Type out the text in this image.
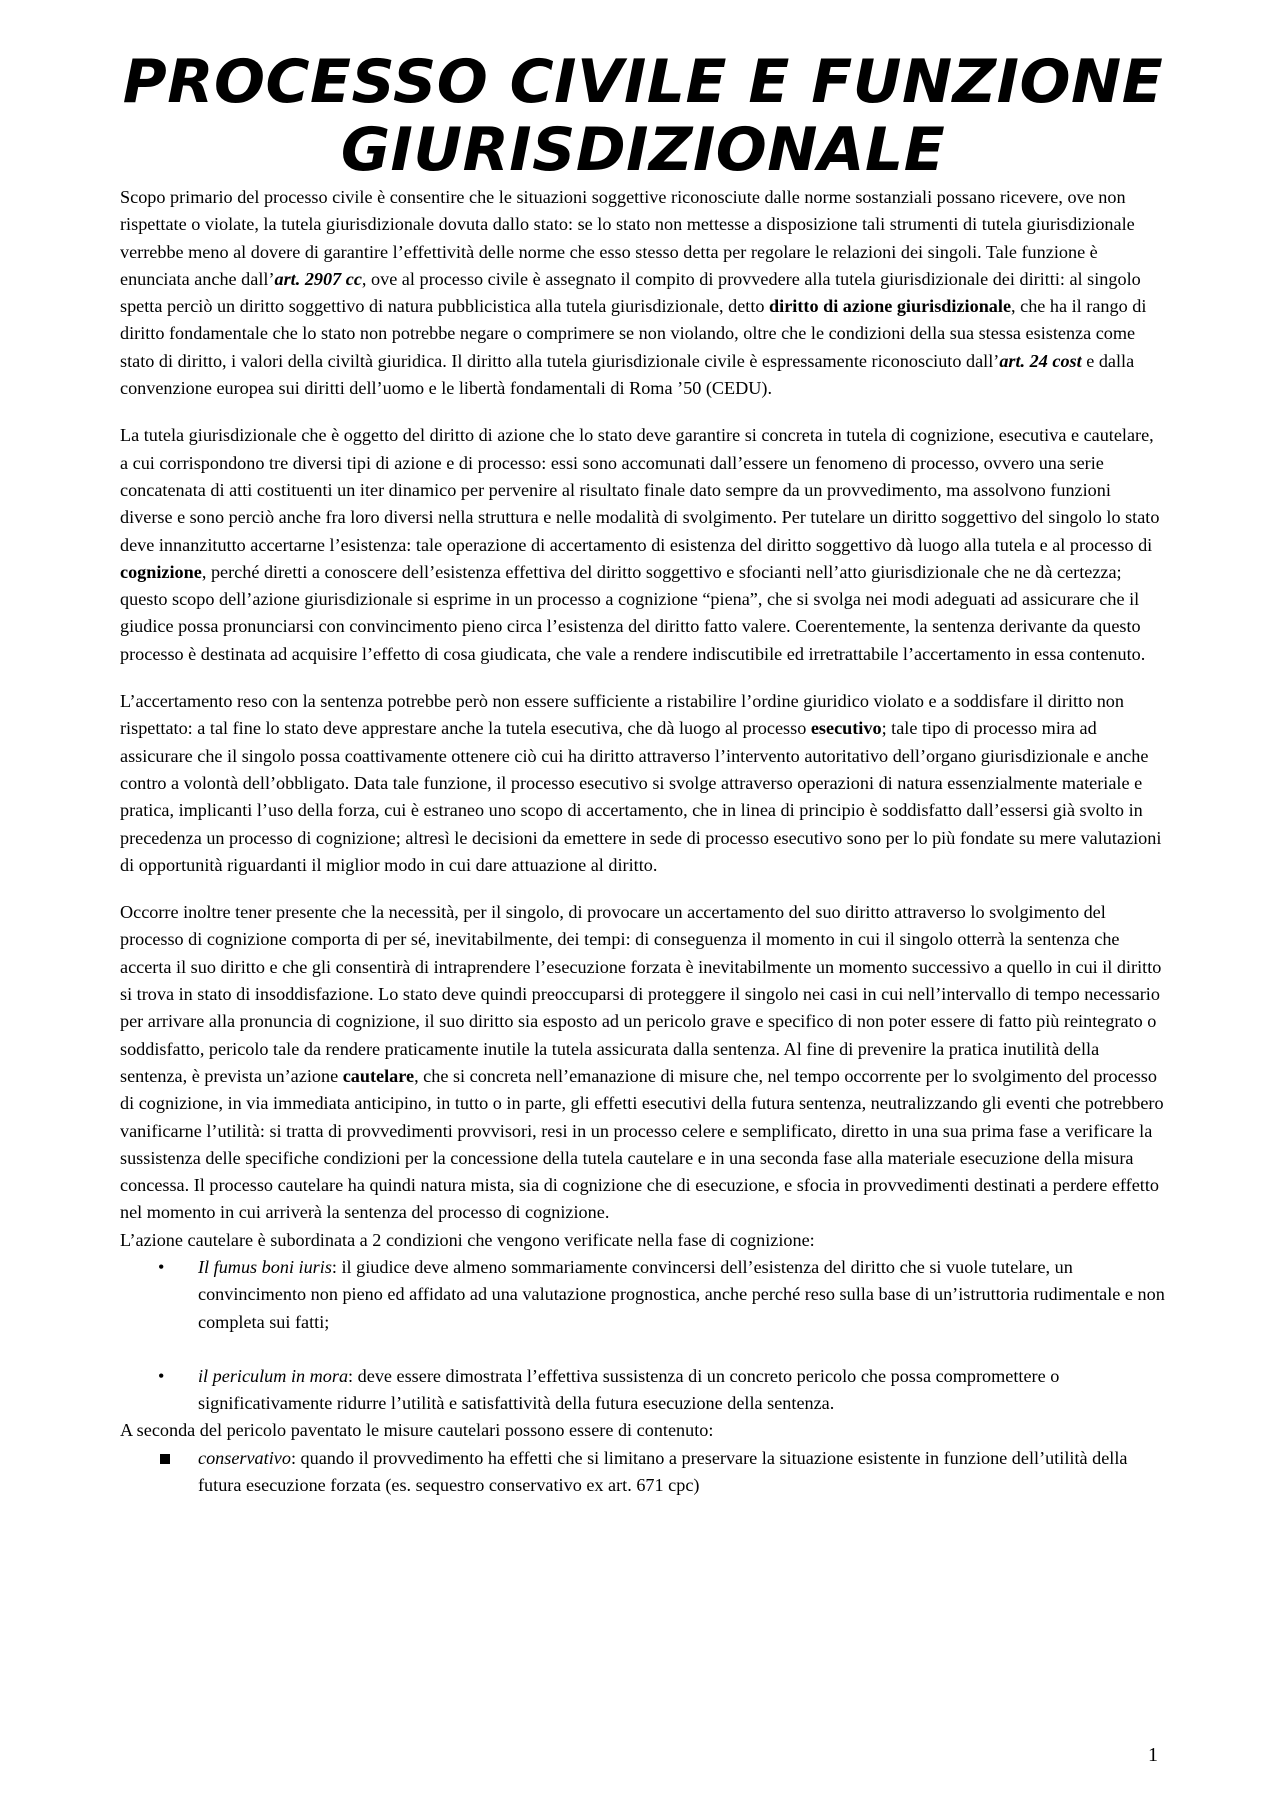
PROCESSO CIVILE E FUNZIONE GIURISDIZIONALE

Scopo primario del processo civile è consentire che le situazioni soggettive riconosciute dalle norme sostanziali possano ricevere, ove non rispettate o violate, la tutela giurisdizionale dovuta dallo stato: se lo stato non mettesse a disposizione tali strumenti di tutela giurisdizionale verrebbe meno al dovere di garantire l’effettività delle norme che esso stesso detta per regolare le relazioni dei singoli. Tale funzione è enunciata anche dall’art. 2907 cc, ove al processo civile è assegnato il compito di provvedere alla tutela giurisdizionale dei diritti: al singolo spetta perciò un diritto soggettivo di natura pubblicistica alla tutela giurisdizionale, detto diritto di azione giurisdizionale, che ha il rango di diritto fondamentale che lo stato non potrebbe negare o comprimere se non violando, oltre che le condizioni della sua stessa esistenza come stato di diritto, i valori della civiltà giuridica. Il diritto alla tutela giurisdizionale civile è espressamente riconosciuto dall’art. 24 cost e dalla convenzione europea sui diritti dell’uomo e le libertà fondamentali di Roma ’50 (CEDU).

La tutela giurisdizionale che è oggetto del diritto di azione che lo stato deve garantire si concreta in tutela di cognizione, esecutiva e cautelare, a cui corrispondono tre diversi tipi di azione e di processo: essi sono accomunati dall’essere un fenomeno di processo, ovvero una serie concatenata di atti costituenti un iter dinamico per pervenire al risultato finale dato sempre da un provvedimento, ma assolvono funzioni diverse e sono perciò anche fra loro diversi nella struttura e nelle modalità di svolgimento. Per tutelare un diritto soggettivo del singolo lo stato deve innanzitutto accertarne l’esistenza: tale operazione di accertamento di esistenza del diritto soggettivo dà luogo alla tutela e al processo di cognizione, perché diretti a conoscere dell’esistenza effettiva del diritto soggettivo e sfocianti nell’atto giurisdizionale che ne dà certezza; questo scopo dell’azione giurisdizionale si esprime in un processo a cognizione “piena”, che si svolga nei modi adeguati ad assicurare che il giudice possa pronunciarsi con convincimento pieno circa l’esistenza del diritto fatto valere. Coerentemente, la sentenza derivante da questo processo è destinata ad acquisire l’effetto di cosa giudicata, che vale a rendere indiscutibile ed irretrattabile l’accertamento in essa contenuto.

L’accertamento reso con la sentenza potrebbe però non essere sufficiente a ristabilire l’ordine giuridico violato e a soddisfare il diritto non rispettato: a tal fine lo stato deve apprestare anche la tutela esecutiva, che dà luogo al processo esecutivo; tale tipo di processo mira ad assicurare che il singolo possa coattivamente ottenere ciò cui ha diritto attraverso l’intervento autoritativo dell’organo giurisdizionale e anche contro a volontà dell’obbligato. Data tale funzione, il processo esecutivo si svolge attraverso operazioni di natura essenzialmente materiale e pratica, implicanti l’uso della forza, cui è estraneo uno scopo di accertamento, che in linea di principio è soddisfatto dall’essersi già svolto in precedenza un processo di cognizione; altresì le decisioni da emettere in sede di processo esecutivo sono per lo più fondate su mere valutazioni di opportunità riguardanti il miglior modo in cui dare attuazione al diritto.

Occorre inoltre tener presente che la necessità, per il singolo, di provocare un accertamento del suo diritto attraverso lo svolgimento del processo di cognizione comporta di per sé, inevitabilmente, dei tempi: di conseguenza il momento in cui il singolo otterrà la sentenza che accerta il suo diritto e che gli consentirà di intraprendere l’esecuzione forzata è inevitabilmente un momento successivo a quello in cui il diritto si trova in stato di insoddisfazione. Lo stato deve quindi preoccuparsi di proteggere il singolo nei casi in cui nell’intervallo di tempo necessario per arrivare alla pronuncia di cognizione, il suo diritto sia esposto ad un pericolo grave e specifico di non poter essere di fatto più reintegrato o soddisfatto, pericolo tale da rendere praticamente inutile la tutela assicurata dalla sentenza. Al fine di prevenire la pratica inutilità della sentenza, è prevista un’azione cautelare, che si concreta nell’emanazione di misure che, nel tempo occorrente per lo svolgimento del processo di cognizione, in via immediata anticipino, in tutto o in parte, gli effetti esecutivi della futura sentenza, neutralizzando gli eventi che potrebbero vanificarne l’utilità: si tratta di provvedimenti provvisori, resi in un processo celere e semplificato, diretto in una sua prima fase a verificare la sussistenza delle specifiche condizioni per la concessione della tutela cautelare e in una seconda fase alla materiale esecuzione della misura concessa. Il processo cautelare ha quindi natura mista, sia di cognizione che di esecuzione, e sfocia in provvedimenti destinati a perdere effetto nel momento in cui arriverà la sentenza del processo di cognizione.

L’azione cautelare è subordinata a 2 condizioni che vengono verificate nella fase di cognizione:

• Il fumus boni iuris: il giudice deve almeno sommariamente convincersi dell’esistenza del diritto che si vuole tutelare, un convincimento non pieno ed affidato ad una valutazione prognostica, anche perché reso sulla base di un’istruttoria rudimentale e non completa sui fatti;
• il periculum in mora: deve essere dimostrata l’effettiva sussistenza di un concreto pericolo che possa compromettere o significativamente ridurre l’utilità e satisfattività della futura esecuzione della sentenza.

A seconda del pericolo paventato le misure cautelari possono essere di contenuto:

conservativo: quando il provvedimento ha effetti che si limitano a preservare la situazione esistente in funzione dell’utilità della futura esecuzione forzata (es. sequestro conservativo ex art. 671 cpc)
1
